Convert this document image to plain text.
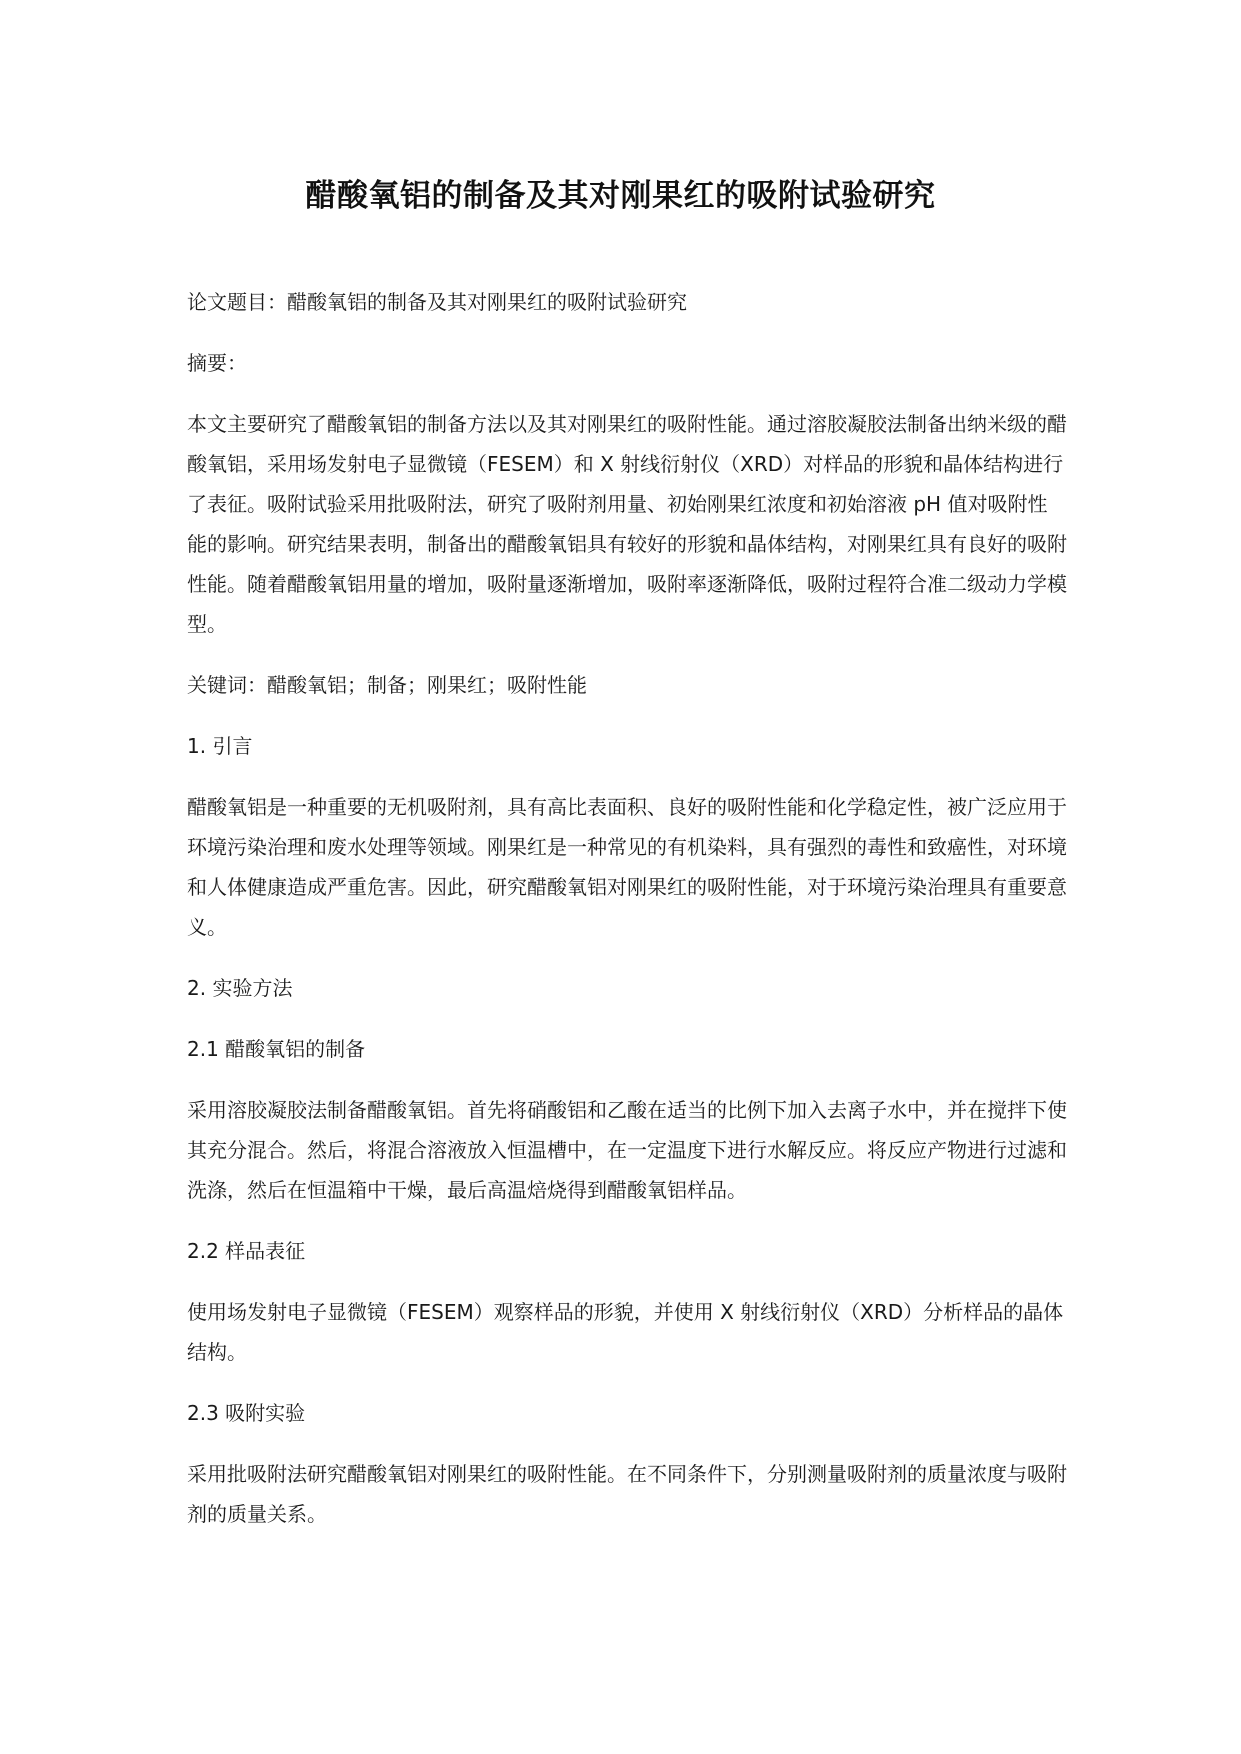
醋酸氧铝的制备及其对刚果红的吸附试验研究

论文题目：醋酸氧铝的制备及其对刚果红的吸附试验研究

摘要：

本文主要研究了醋酸氧铝的制备方法以及其对刚果红的吸附性能。通过溶胶凝胶法制备出纳米级的醋酸氧铝，采用场发射电子显微镜（FESEM）和 X 射线衍射仪（XRD）对样品的形貌和晶体结构进行了表征。吸附试验采用批吸附法，研究了吸附剂用量、初始刚果红浓度和初始溶液 pH 值对吸附性能的影响。研究结果表明，制备出的醋酸氧铝具有较好的形貌和晶体结构，对刚果红具有良好的吸附性能。随着醋酸氧铝用量的增加，吸附量逐渐增加，吸附率逐渐降低，吸附过程符合准二级动力学模型。

关键词：醋酸氧铝；制备；刚果红；吸附性能

1. 引言

醋酸氧铝是一种重要的无机吸附剂，具有高比表面积、良好的吸附性能和化学稳定性，被广泛应用于环境污染治理和废水处理等领域。刚果红是一种常见的有机染料，具有强烈的毒性和致癌性，对环境和人体健康造成严重危害。因此，研究醋酸氧铝对刚果红的吸附性能，对于环境污染治理具有重要意义。

2. 实验方法

2.1 醋酸氧铝的制备

采用溶胶凝胶法制备醋酸氧铝。首先将硝酸铝和乙酸在适当的比例下加入去离子水中，并在搅拌下使其充分混合。然后，将混合溶液放入恒温槽中，在一定温度下进行水解反应。将反应产物进行过滤和洗涤，然后在恒温箱中干燥，最后高温焙烧得到醋酸氧铝样品。

2.2 样品表征

使用场发射电子显微镜（FESEM）观察样品的形貌，并使用 X 射线衍射仪（XRD）分析样品的晶体结构。

2.3 吸附实验

采用批吸附法研究醋酸氧铝对刚果红的吸附性能。在不同条件下，分别测量吸附剂的质量浓度与吸附剂的质量关系。
